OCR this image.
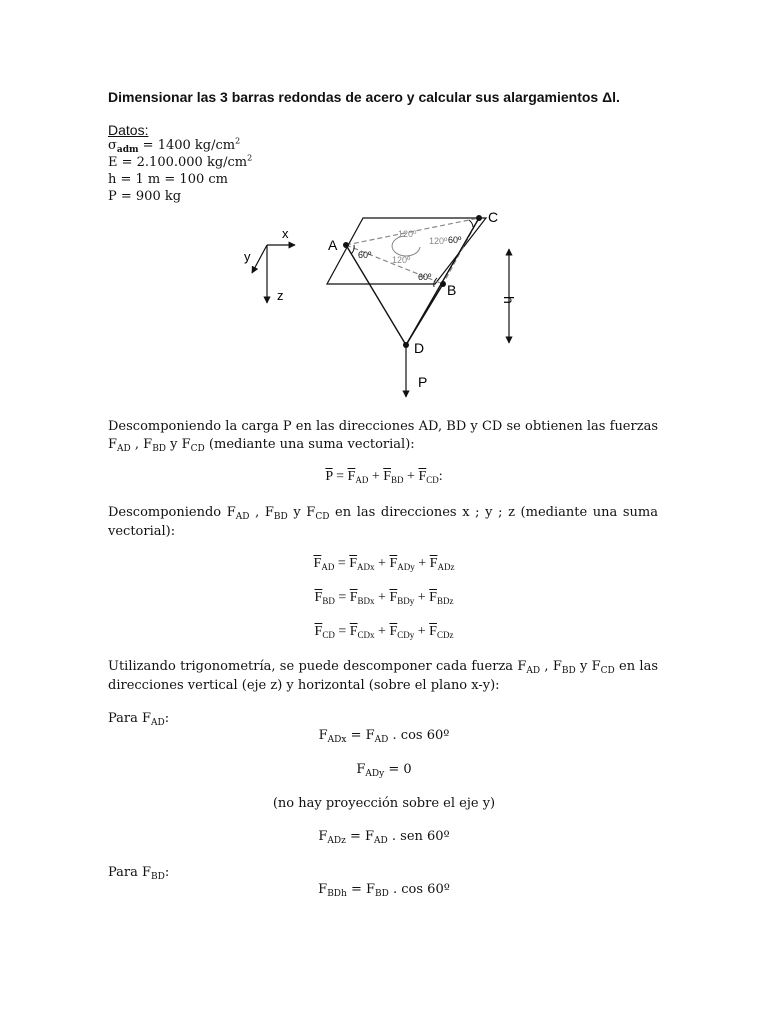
Dimensionar las 3 barras redondas de acero y calcular sus alargamientos Δl.
Datos:
$\sigma_{adm} = 1400$ $kg/cm^2$
E = 2.100.000 $kg/cm^2$
h = 1 m = 100 cm
P = 900 kg
x
y
z
A
C
B
D
P
h
60º
60º
60º
120º
120º
120º
Descomponiendo la carga P en las direcciones AD, BD y CD se obtienen las fuerzas $F_{AD}$ , $F_{BD}$ y $F_{CD}$ (mediante una suma vectorial):
$\overline{P} = \overline{F}_{AD} + \overline{F}_{BD} + \overline{F}_{CD}$:
Descomponiendo $F_{AD}$ , $F_{BD}$ y $F_{CD}$ en las direcciones x ; y ; z (mediante una suma vectorial):
$\overline{F}_{AD} = \overline{F}_{ADx} + \overline{F}_{ADy} + \overline{F}_{ADz}$
$\overline{F}_{BD} = \overline{F}_{BDx} + \overline{F}_{BDy} + \overline{F}_{BDz}$
$\overline{F}_{CD} = \overline{F}_{CDx} + \overline{F}_{CDy} + \overline{F}_{CDz}$
Utilizando trigonometría, se puede descomponer cada fuerza $F_{AD}$ , $F_{BD}$ y $F_{CD}$ en las direcciones vertical (eje z) y horizontal (sobre el plano x-y):
Para $F_{AD}$:
$F_{ADx} = F_{AD}$ . cos 60º
$F_{ADy} = 0$
(no hay proyección sobre el eje y)
$F_{ADz} = F_{AD}$ . sen 60º
Para $F_{BD}$:
$F_{BDh} = F_{BD}$ . cos 60º
